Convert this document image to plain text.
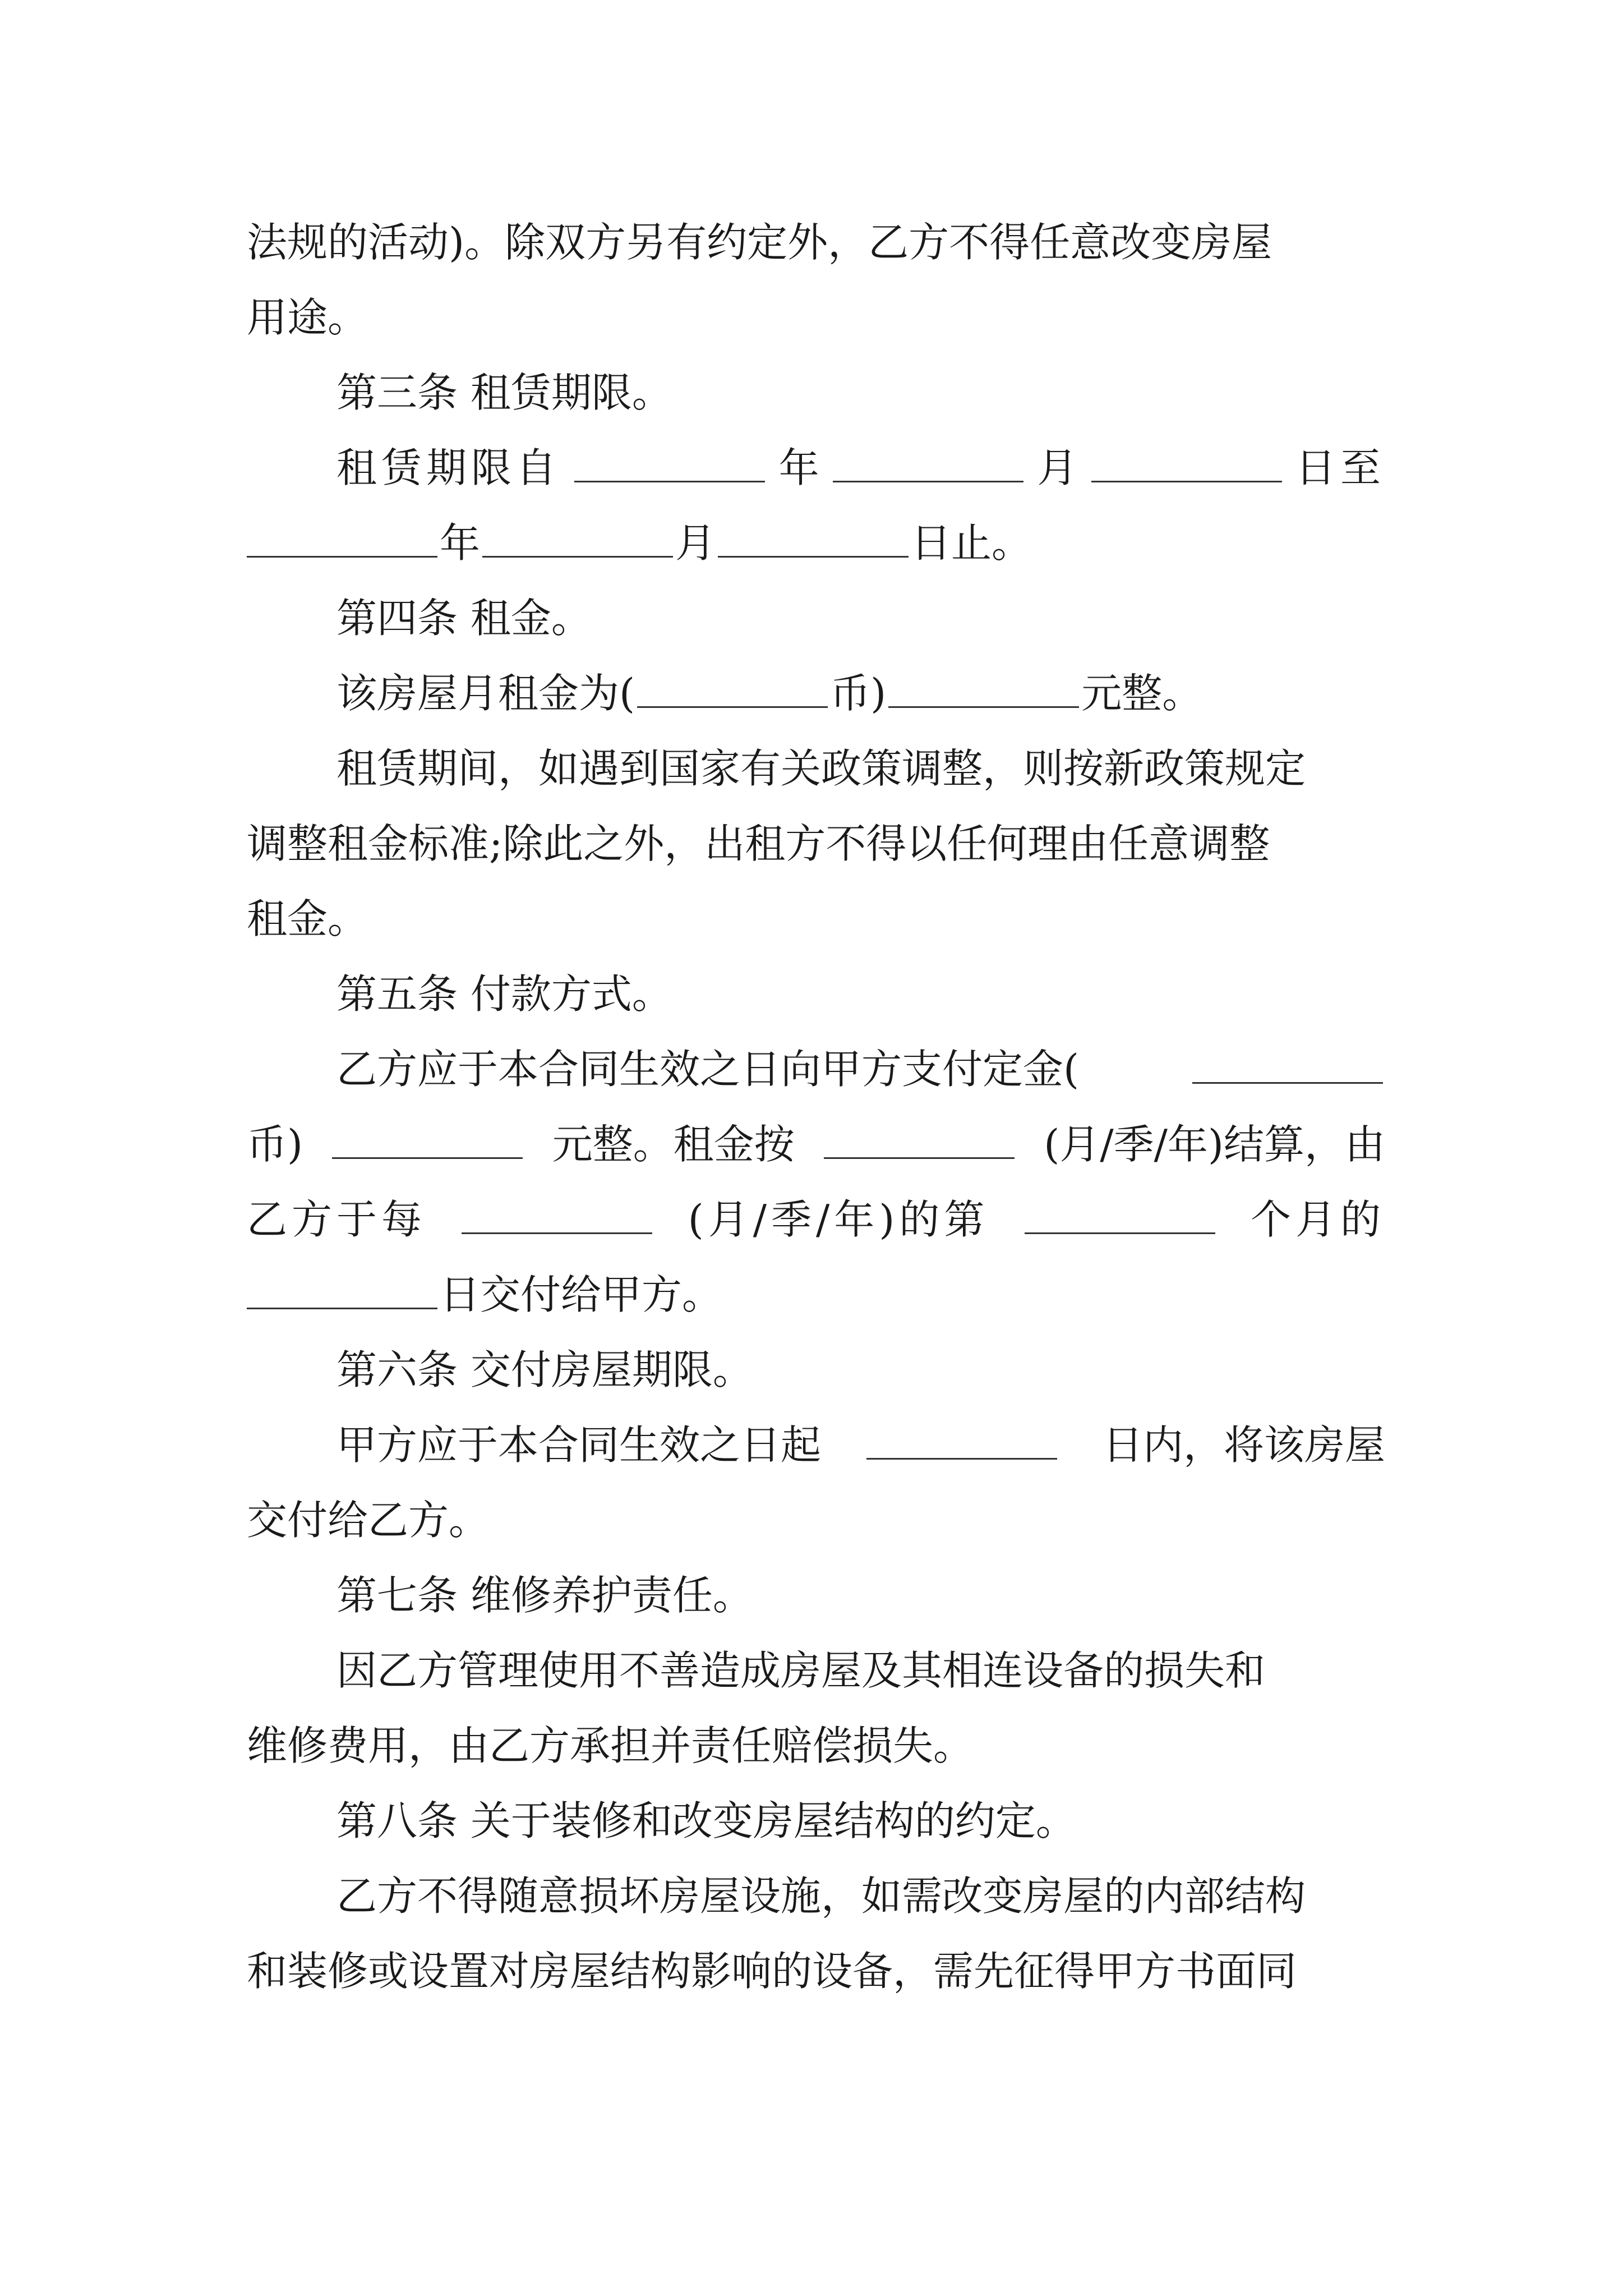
法规的活动)。除双方另有约定外，乙方不得任意改变房屋
用途。
第三条 租赁期限。
租赁期限自	年	月	日至
年	月	日止。
第四条 租金。
该房屋月租金为(	币)	元整。
租赁期间，如遇到国家有关政策调整，则按新政策规定
调整租金标准;除此之外，出租方不得以任何理由任意调整
租金。
第五条 付款方式。
乙方应于本合同生效之日向甲方支付定金(
币)	元整。租金按	(月/季/年)结算，由
乙方于每	(月/季/年)的第	个月的
日交付给甲方。
第六条 交付房屋期限。
甲方应于本合同生效之日起	日内，将该房屋
交付给乙方。
第七条 维修养护责任。
因乙方管理使用不善造成房屋及其相连设备的损失和
维修费用，由乙方承担并责任赔偿损失。
第八条 关于装修和改变房屋结构的约定。
乙方不得随意损坏房屋设施，如需改变房屋的内部结构
和装修或设置对房屋结构影响的设备，需先征得甲方书面同
